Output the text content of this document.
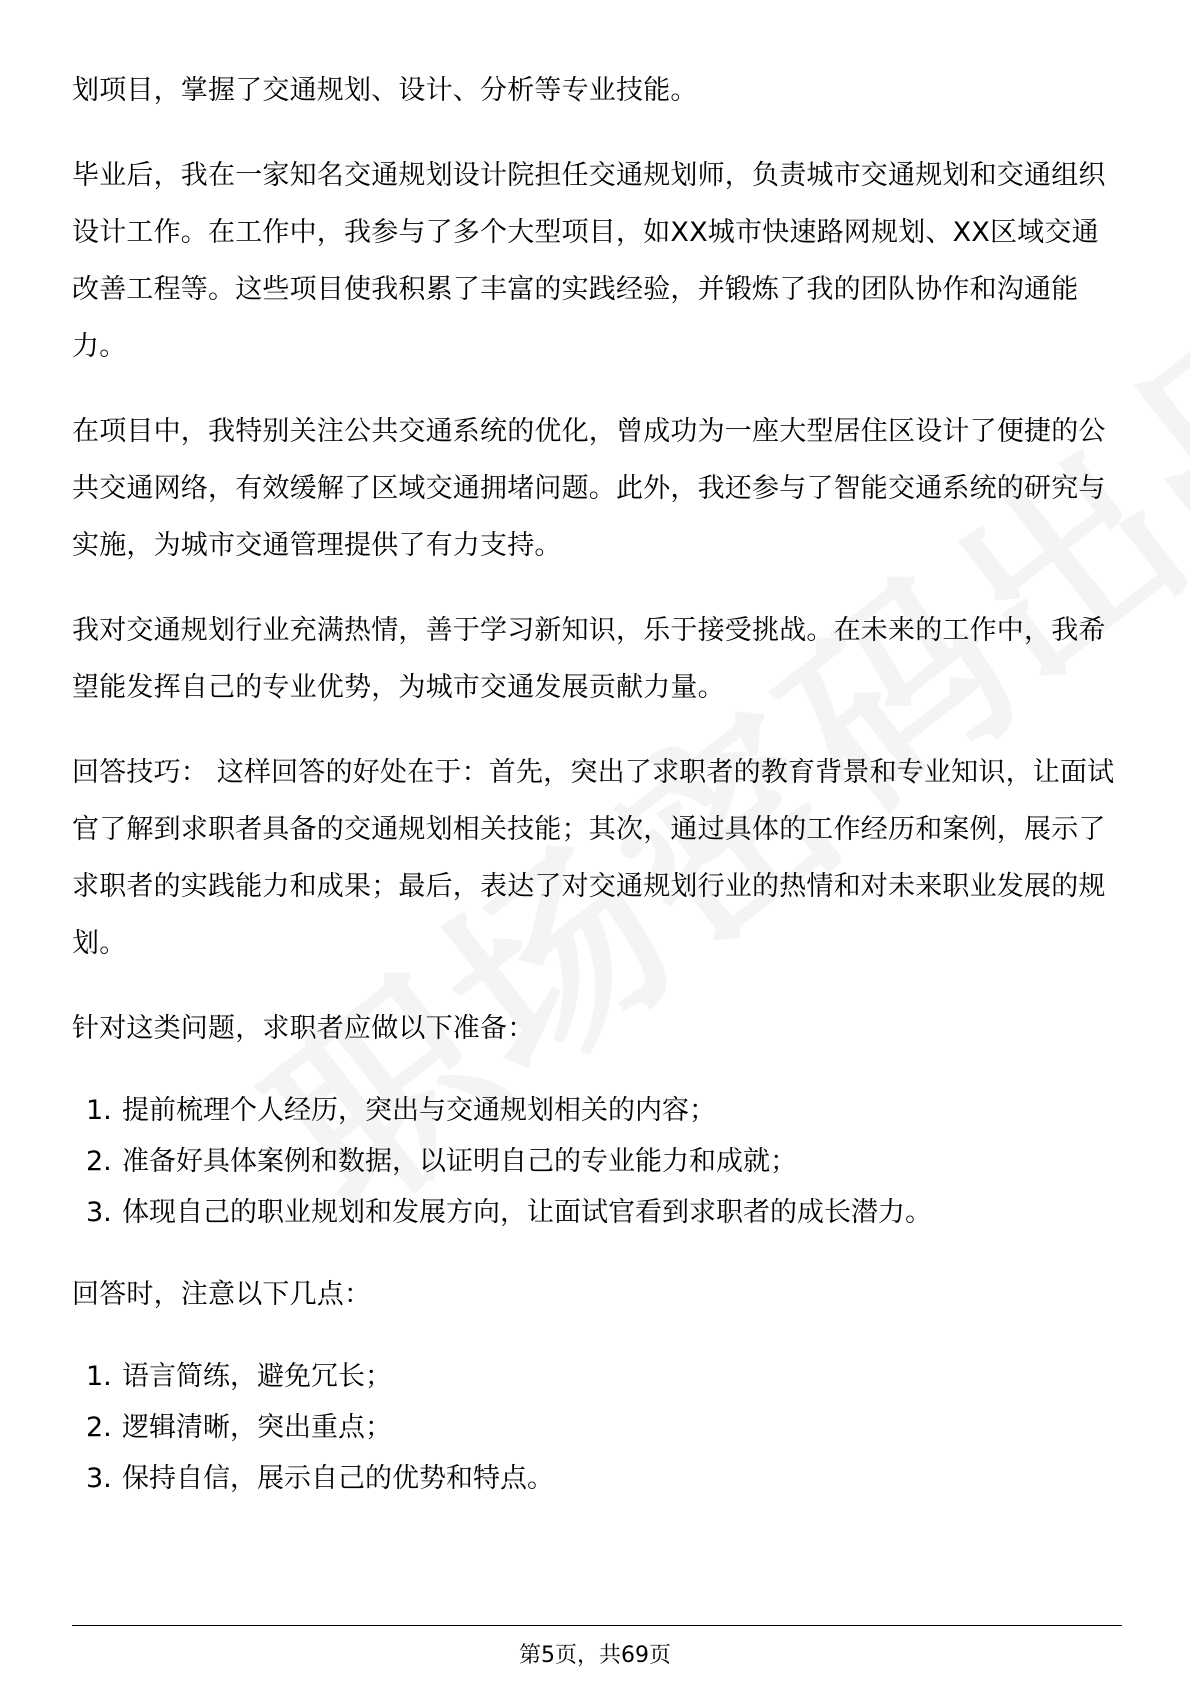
划项目，掌握了交通规划、设计、分析等专业技能。

毕业后，我在一家知名交通规划设计院担任交通规划师，负责城市交通规划和交通组织设计工作。在工作中，我参与了多个大型项目，如XX城市快速路网规划、XX区域交通改善工程等。这些项目使我积累了丰富的实践经验，并锻炼了我的团队协作和沟通能力。

在项目中，我特别关注公共交通系统的优化，曾成功为一座大型居住区设计了便捷的公共交通网络，有效缓解了区域交通拥堵问题。此外，我还参与了智能交通系统的研究与实施，为城市交通管理提供了有力支持。

我对交通规划行业充满热情，善于学习新知识，乐于接受挑战。在未来的工作中，我希望能发挥自己的专业优势，为城市交通发展贡献力量。

回答技巧： 这样回答的好处在于：首先，突出了求职者的教育背景和专业知识，让面试官了解到求职者具备的交通规划相关技能；其次，通过具体的工作经历和案例，展示了求职者的实践能力和成果；最后，表达了对交通规划行业的热情和对未来职业发展的规划。

针对这类问题，求职者应做以下准备：

1. 提前梳理个人经历，突出与交通规划相关的内容；
2. 准备好具体案例和数据，以证明自己的专业能力和成就；
3. 体现自己的职业规划和发展方向，让面试官看到求职者的成长潜力。

回答时，注意以下几点：

1. 语言简练，避免冗长；
2. 逻辑清晰，突出重点；
3. 保持自信，展示自己的优势和特点。
第5页，共69页
